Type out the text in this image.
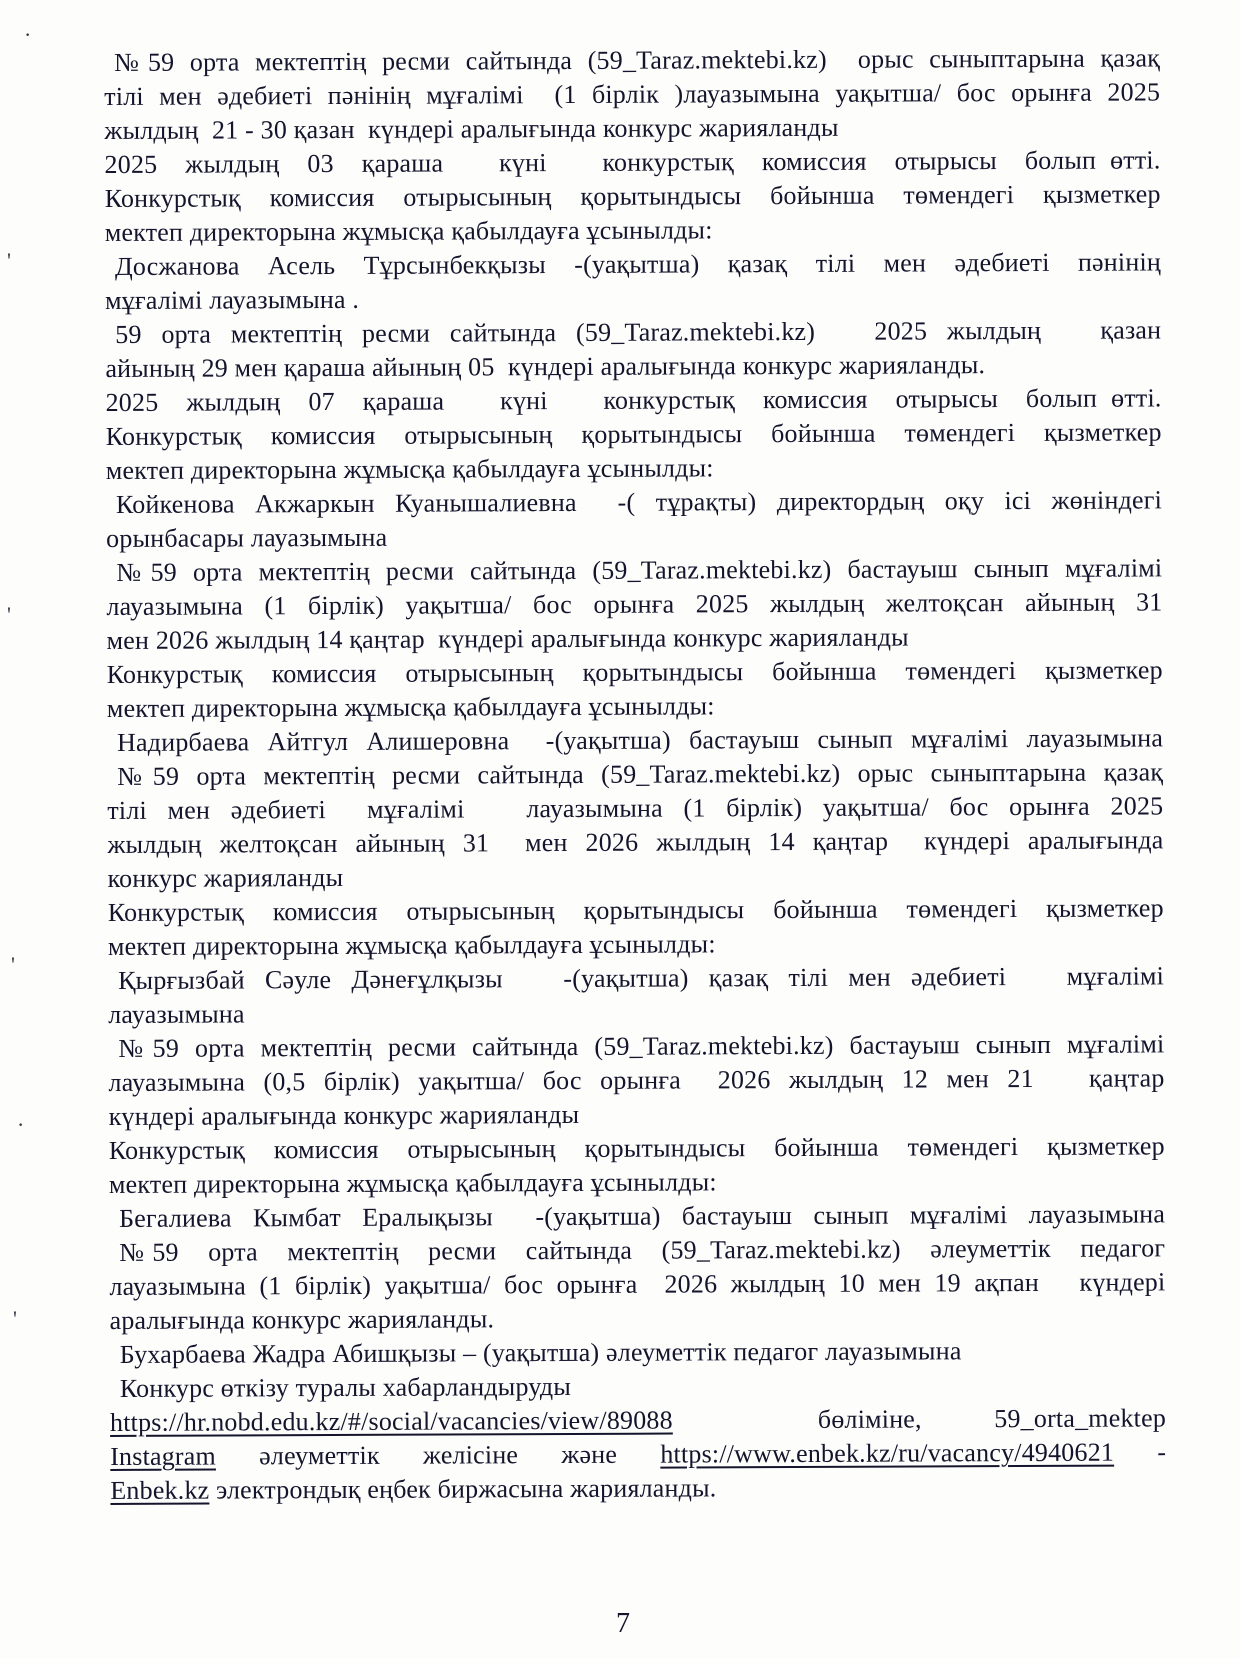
№59 орта мектептің ресми сайтында (59_Taraz.mektebi.kz)  орыс сыныптарына қазақ
тілі мен әдебиеті пәнінің мұғалімі  (1 бірлік )лауазымына уақытша/ бос орынға 2025
жылдың  21 - 30 қазан  күндері аралығында конкурс жарияланды
2025  жылдың  03  қараша    күні    конкурстық  комиссия  отырысы  болып өтті.
Конкурстық комиссия отырысының қорытындысы бойынша төмендегі қызметкер
мектеп директорына жұмысқа қабылдауға ұсынылды:
Досжанова Асель Тұрсынбекқызы -(уақытша) қазақ тілі мен әдебиеті пәнінің
мұғалімі лауазымына .
59 орта мектептің ресми сайтында (59_Taraz.mektebi.kz)   2025 жылдың   қазан
айының 29 мен қараша айының 05  күндері аралығында конкурс жарияланды.
2025  жылдың  07  қараша    күні    конкурстық  комиссия  отырысы  болып өтті.
Конкурстық комиссия отырысының қорытындысы бойынша төмендегі қызметкер
мектеп директорына жұмысқа қабылдауға ұсынылды:
Койкенова Акжаркын Куанышалиевна  -( тұрақты) директордың оқу ісі жөніндегі
орынбасары лауазымына
№59 орта мектептің ресми сайтында (59_Taraz.mektebi.kz) бастауыш сынып мұғалімі
лауазымына (1 бірлік) уақытша/ бос орынға 2025 жылдың желтоқсан айының 31
мен 2026 жылдың 14 қаңтар  күндері аралығында конкурс жарияланды
Конкурстық комиссия отырысының қорытындысы бойынша төмендегі қызметкер
мектеп директорына жұмысқа қабылдауға ұсынылды:
Надирбаева Айтгул Алишеровна  -(уақытша) бастауыш сынып мұғалімі лауазымына
№59 орта мектептің ресми сайтында (59_Taraz.mektebi.kz) орыс сыныптарына қазақ
тілі мен әдебиеті  мұғалімі   лауазымына (1 бірлік) уақытша/ бос орынға 2025
жылдың желтоқсан айының 31  мен 2026 жылдың 14 қаңтар  күндері аралығында
конкурс жарияланды
Конкурстық комиссия отырысының қорытындысы бойынша төмендегі қызметкер
мектеп директорына жұмысқа қабылдауға ұсынылды:
Қырғызбай Сәуле Дәнеғұлқызы   -(уақытша) қазақ тілі мен әдебиеті   мұғалімі
лауазымына
№59 орта мектептің ресми сайтында (59_Taraz.mektebi.kz) бастауыш сынып мұғалімі
лауазымына (0,5 бірлік) уақытша/ бос орынға  2026 жылдың 12 мен 21   қаңтар
күндері аралығында конкурс жарияланды
Конкурстық комиссия отырысының қорытындысы бойынша төмендегі қызметкер
мектеп директорына жұмысқа қабылдауға ұсынылды:
Бегалиева Кымбат Ералықызы  -(уақытша) бастауыш сынып мұғалімі лауазымына
№59  орта  мектептің  ресми  сайтында  (59_Taraz.mektebi.kz)  әлеуметтік  педагог
лауазымына (1 бірлік) уақытша/ бос орынға  2026 жылдың 10 мен 19 ақпан   күндері
аралығында конкурс жарияланды.
Бухарбаева Жадра Абишқызы – (уақытша) әлеуметтік педагог лауазымына
Конкурс өткізу туралы хабарландыруды
https://hr.nobd.edu.kz/#/social/vacancies/view/89088  бөліміне, 59_orta_mektep
Instagram әлеуметтік желісіне және https://www.enbek.kz/ru/vacancy/4940621 -
Enbek.kz электрондық еңбек биржасына жарияланды.
7
·
'
'
'
·
'
